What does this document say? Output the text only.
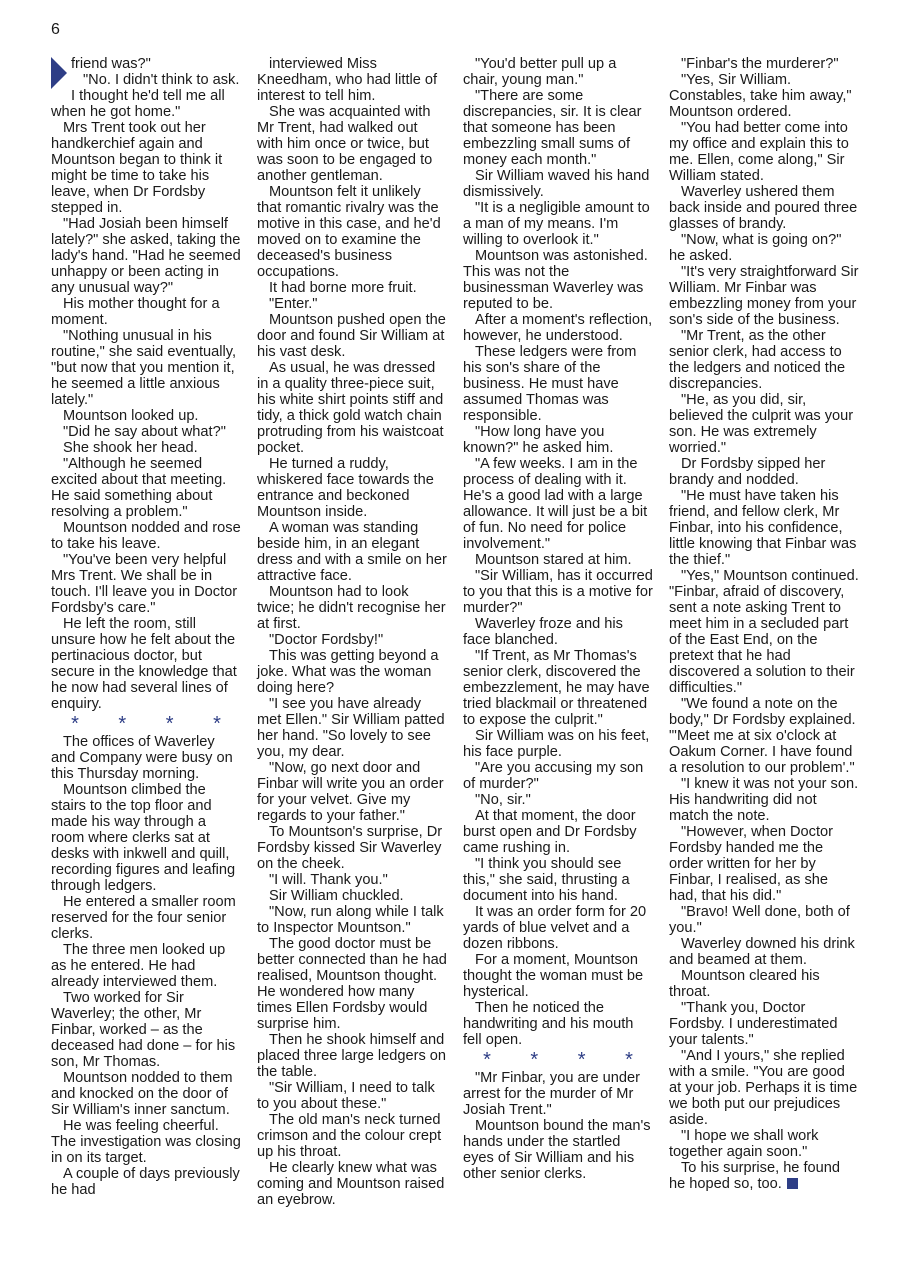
6

friend was?"

"No. I didn't think to ask. I thought he'd tell me all when he got home."

Mrs Trent took out her handkerchief again and Mountson began to think it might be time to take his leave, when Dr Fordsby stepped in.

"Had Josiah been himself lately?" she asked, taking the lady's hand. "Had he seemed unhappy or been acting in any unusual way?"

His mother thought for a moment.

"Nothing unusual in his routine," she said eventually, "but now that you mention it, he seemed a little anxious lately."

Mountson looked up.

"Did he say about what?"

She shook her head.

"Although he seemed excited about that meeting. He said something about resolving a problem."

Mountson nodded and rose to take his leave.

"You've been very helpful Mrs Trent. We shall be in touch. I'll leave you in Doctor Fordsby's care."

He left the room, still unsure how he felt about the pertinacious doctor, but secure in the knowledge that he now had several lines of enquiry.

* * * *

The offices of Waverley and Company were busy on this Thursday morning.

Mountson climbed the stairs to the top floor and made his way through a room where clerks sat at desks with inkwell and quill, recording figures and leafing through ledgers.

He entered a smaller room reserved for the four senior clerks.

The three men looked up as he entered. He had already interviewed them.

Two worked for Sir Waverley; the other, Mr Finbar, worked – as the deceased had done – for his son, Mr Thomas.

Mountson nodded to them and knocked on the door of Sir William's inner sanctum.

He was feeling cheerful. The investigation was closing in on its target.

A couple of days previously he had

interviewed Miss Kneedham, who had little of interest to tell him.

She was acquainted with Mr Trent, had walked out with him once or twice, but was soon to be engaged to another gentleman.

Mountson felt it unlikely that romantic rivalry was the motive in this case, and he'd moved on to examine the deceased's business occupations.

It had borne more fruit.

"Enter."

Mountson pushed open the door and found Sir William at his vast desk.

As usual, he was dressed in a quality three-piece suit, his white shirt points stiff and tidy, a thick gold watch chain protruding from his waistcoat pocket.

He turned a ruddy, whiskered face towards the entrance and beckoned Mountson inside.

A woman was standing beside him, in an elegant dress and with a smile on her attractive face.

Mountson had to look twice; he didn't recognise her at first.

"Doctor Fordsby!"

This was getting beyond a joke. What was the woman doing here?

"I see you have already met Ellen." Sir William patted her hand. "So lovely to see you, my dear.

"Now, go next door and Finbar will write you an order for your velvet. Give my regards to your father."

To Mountson's surprise, Dr Fordsby kissed Sir Waverley on the cheek.

"I will. Thank you."

Sir William chuckled.

"Now, run along while I talk to Inspector Mountson."

The good doctor must be better connected than he had realised, Mountson thought. He wondered how many times Ellen Fordsby would surprise him.

Then he shook himself and placed three large ledgers on the table.

"Sir William, I need to talk to you about these."

The old man's neck turned crimson and the colour crept up his throat.

He clearly knew what was coming and Mountson raised an eyebrow.

"You'd better pull up a chair, young man."

"There are some discrepancies, sir. It is clear that someone has been embezzling small sums of money each month."

Sir William waved his hand dismissively.

"It is a negligible amount to a man of my means. I'm willing to overlook it."

Mountson was astonished. This was not the businessman Waverley was reputed to be.

After a moment's reflection, however, he understood.

These ledgers were from his son's share of the business. He must have assumed Thomas was responsible.

"How long have you known?" he asked him.

"A few weeks. I am in the process of dealing with it. He's a good lad with a large allowance. It will just be a bit of fun. No need for police involvement."

Mountson stared at him.

"Sir William, has it occurred to you that this is a motive for murder?"

Waverley froze and his face blanched.

"If Trent, as Mr Thomas's senior clerk, discovered the embezzlement, he may have tried blackmail or threatened to expose the culprit."

Sir William was on his feet, his face purple.

"Are you accusing my son of murder?"

"No, sir."

At that moment, the door burst open and Dr Fordsby came rushing in.

"I think you should see this," she said, thrusting a document into his hand.

It was an order form for 20 yards of blue velvet and a dozen ribbons.

For a moment, Mountson thought the woman must be hysterical.

Then he noticed the handwriting and his mouth fell open.

* * * *

"Mr Finbar, you are under arrest for the murder of Mr Josiah Trent."

Mountson bound the man's hands under the startled eyes of Sir William and his other senior clerks.

"Finbar's the murderer?"

"Yes, Sir William. Constables, take him away," Mountson ordered.

"You had better come into my office and explain this to me. Ellen, come along," Sir William stated.

Waverley ushered them back inside and poured three glasses of brandy.

"Now, what is going on?" he asked.

"It's very straightforward Sir William. Mr Finbar was embezzling money from your son's side of the business.

"Mr Trent, as the other senior clerk, had access to the ledgers and noticed the discrepancies.

"He, as you did, sir, believed the culprit was your son. He was extremely worried."

Dr Fordsby sipped her brandy and nodded.

"He must have taken his friend, and fellow clerk, Mr Finbar, into his confidence, little knowing that Finbar was the thief."

"Yes," Mountson continued. "Finbar, afraid of discovery, sent a note asking Trent to meet him in a secluded part of the East End, on the pretext that he had discovered a solution to their difficulties."

"We found a note on the body," Dr Fordsby explained. "'Meet me at six o'clock at Oakum Corner. I have found a resolution to our problem'."

"I knew it was not your son. His handwriting did not match the note.

"However, when Doctor Fordsby handed me the order written for her by Finbar, I realised, as she had, that his did."

"Bravo! Well done, both of you."

Waverley downed his drink and beamed at them.

Mountson cleared his throat.

"Thank you, Doctor Fordsby. I underestimated your talents."

"And I yours," she replied with a smile. "You are good at your job. Perhaps it is time we both put our prejudices aside.

"I hope we shall work together again soon."

To his surprise, he found he hoped so, too.
